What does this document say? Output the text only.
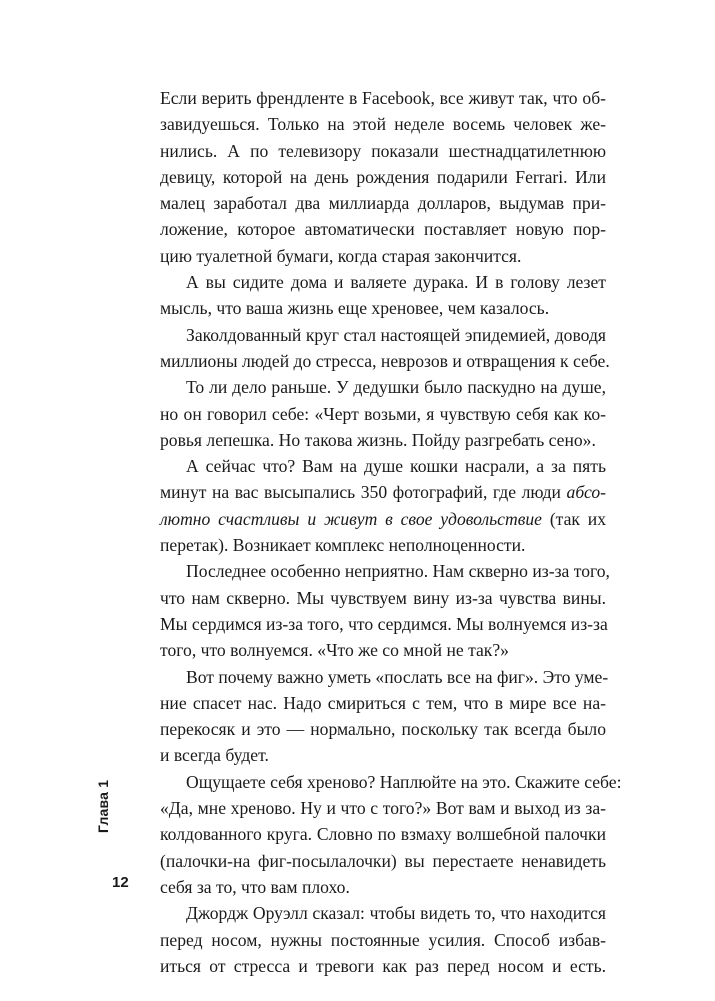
Если верить френдленте в Facebook, все живут так, что об-
завидуешься. Только на этой неделе восемь человек же-
нились. А по телевизору показали шестнадцатилетнюю
девицу, которой на день рождения подарили Ferrari. Или
малец заработал два миллиарда долларов, выдумав при-
ложение, которое автоматически поставляет новую пор-
цию туалетной бумаги, когда старая закончится.

А вы сидите дома и валяете дурака. И в голову лезет
мысль, что ваша жизнь еще хреновее, чем казалось.

Заколдованный круг стал настоящей эпидемией, доводя
миллионы людей до стресса, неврозов и отвращения к себе.

То ли дело раньше. У дедушки было паскудно на душе,
но он говорил себе: «Черт возьми, я чувствую себя как ко-
ровья лепешка. Но такова жизнь. Пойду разгребать сено».

А сейчас что? Вам на душе кошки насрали, а за пять
минут на вас высыпались 350 фотографий, где люди абсо-
лютно счастливы и живут в свое удовольствие (так их
перетак). Возникает комплекс неполноценности.

Последнее особенно неприятно. Нам скверно из-за того,
что нам скверно. Мы чувствуем вину из-за чувства вины.
Мы сердимся из-за того, что сердимся. Мы волнуемся из-за
того, что волнуемся. «Что же со мной не так?»

Вот почему важно уметь «послать все на фиг». Это уме-
ние спасет нас. Надо смириться с тем, что в мире все на-
перекосяк и это — нормально, поскольку так всегда было
и всегда будет.

Ощущаете себя хреново? Наплюйте на это. Скажите себе:
«Да, мне хреново. Ну и что с того?» Вот вам и выход из за-
колдованного круга. Словно по взмаху волшебной палочки
(палочки-на фиг-посылалочки) вы перестаете ненавидеть
себя за то, что вам плохо.

Джордж Оруэлл сказал: чтобы видеть то, что находится
перед носом, нужны постоянные усилия. Способ избав-
иться от стресса и тревоги как раз перед носом и есть.

Глава 1
12
